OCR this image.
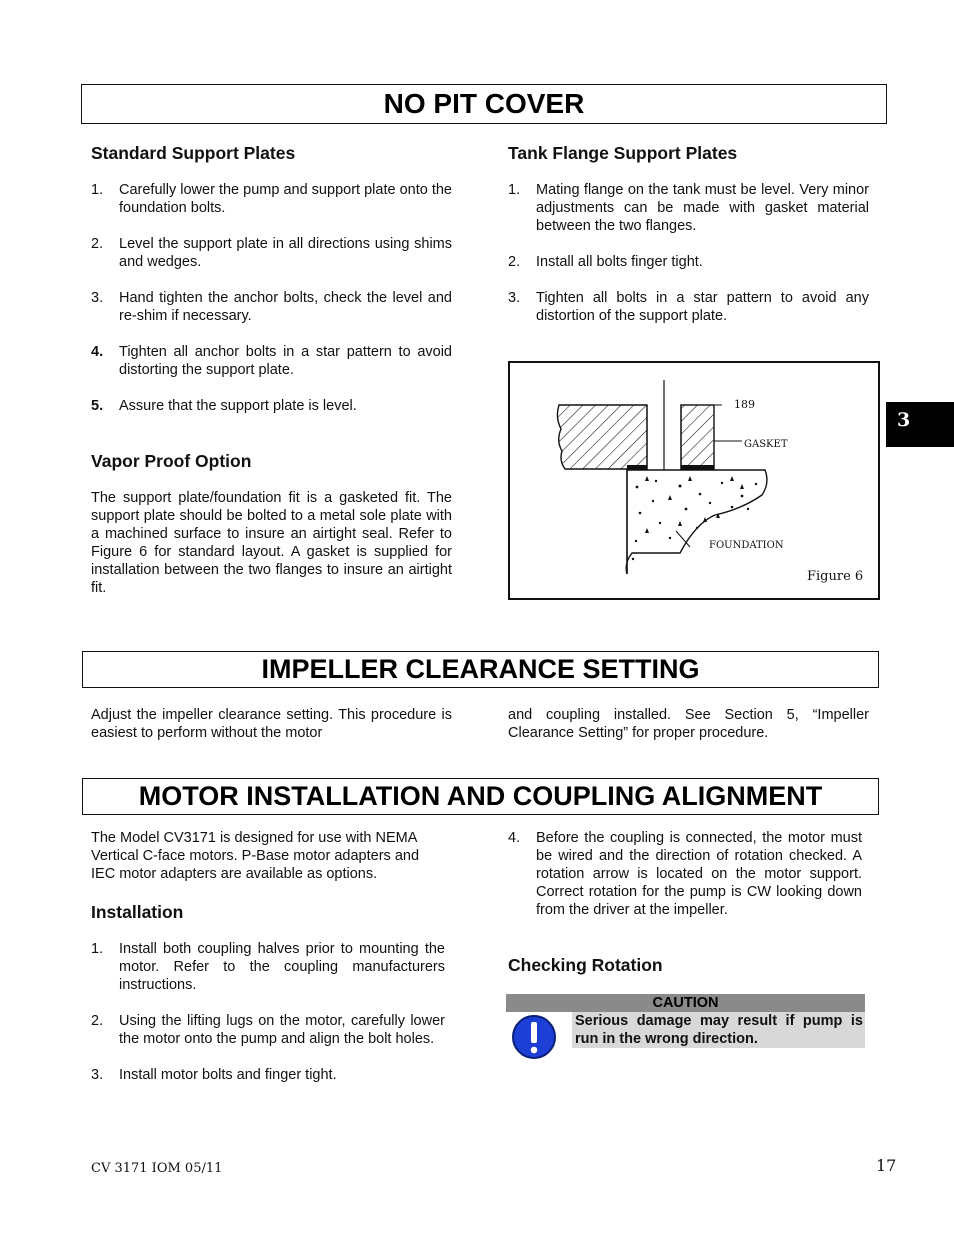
NO PIT COVER
Standard Support Plates
1. Carefully lower the pump and support plate onto the foundation bolts.
2. Level the support plate in all directions using shims and wedges.
3. Hand tighten the anchor bolts, check the level and re-shim if necessary.
4. Tighten all anchor bolts in a star pattern to avoid distorting the support plate.
5. Assure that the support plate is level.
Vapor Proof Option

The support plate/foundation fit is a gasketed fit. The support plate should be bolted to a metal sole plate with a machined surface to insure an airtight seal. Refer to Figure 6 for standard layout. A gasket is supplied for installation between the two flanges to insure an airtight fit.

Tank Flange Support Plates
1. Mating flange on the tank must be level. Very minor adjustments can be made with gasket material between the two flanges.
2. Install all bolts finger tight.
3. Tighten all bolts in a star pattern to avoid any distortion of the support plate.
189
GASKET
FOUNDATION
Figure 6
3
IMPELLER CLEARANCE SETTING

Adjust the impeller clearance setting. This procedure is easiest to perform without the motor

and coupling installed. See Section 5, “Impeller Clearance Setting” for proper procedure.

MOTOR INSTALLATION AND COUPLING ALIGNMENT

The Model CV3171 is designed for use with NEMA Vertical C-face motors. P-Base motor adapters and IEC motor adapters are available as options.

Installation
1. Install both coupling halves prior to mounting the motor. Refer to the coupling manufacturers instructions.
2. Using the lifting lugs on the motor, carefully lower the motor onto the pump and align the bolt holes.
3. Install motor bolts and finger tight.
4. Before the coupling is connected, the motor must be wired and the direction of rotation checked. A rotation arrow is located on the motor support. Correct rotation for the pump is CW looking down from the driver at the impeller.
Checking Rotation
CAUTION
Serious damage may result if pump is run in the wrong direction.
CV 3171 IOM 05/11	17
